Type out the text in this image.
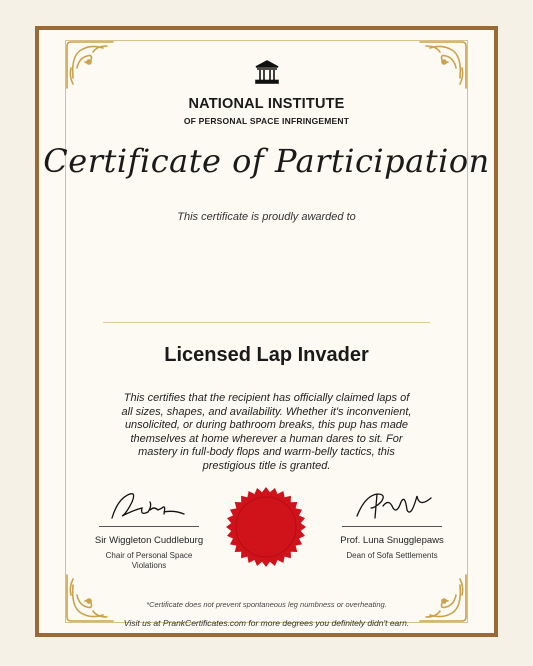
NATIONAL INSTITUTE
OF PERSONAL SPACE INFRINGEMENT
Certificate of Participation
This certificate is proudly awarded to
Licensed Lap Invader
This certifies that the recipient has officially claimed laps of all sizes, shapes, and availability. Whether it's inconvenient, unsolicited, or during bathroom breaks, this pup has made themselves at home wherever a human dares to sit. For mastery in full-body flops and warm-belly tactics, this prestigious title is granted.
Sir Wiggleton Cuddleburg
Chair of Personal Space Violations
Prof. Luna Snugglepaws
Dean of Sofa Settlements
*Certificate does not prevent spontaneous leg numbness or overheating.
Visit us at PrankCertificates.com for more degrees you definitely didn't earn.
